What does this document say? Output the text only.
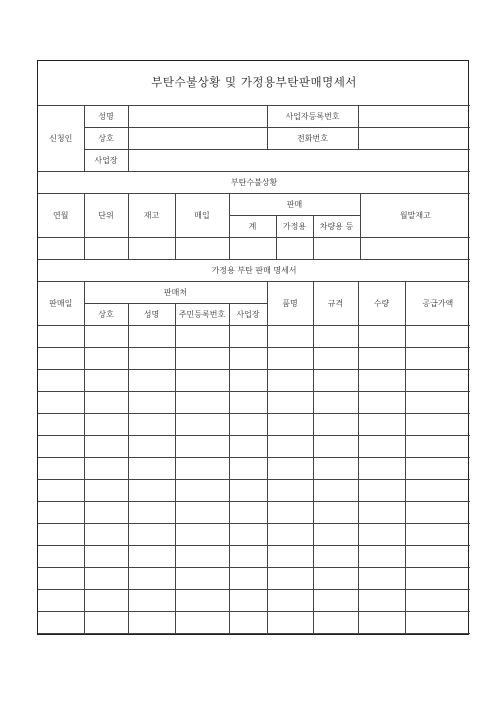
부탄수불상황 및 가정용부탄판매명세서										
신청인	성명				사업자등록번호					
	상호				전화번호					
	사업장									
부탄수불상황										
연월	단위	재고	매입	판매					월말재고	
				계		가정용	차량용 등			

가정용 부탄 판매 명세서										
판매일	판매처				품명		규격	수량		공급가액
	상호	성명	주민등록번호	사업장						
